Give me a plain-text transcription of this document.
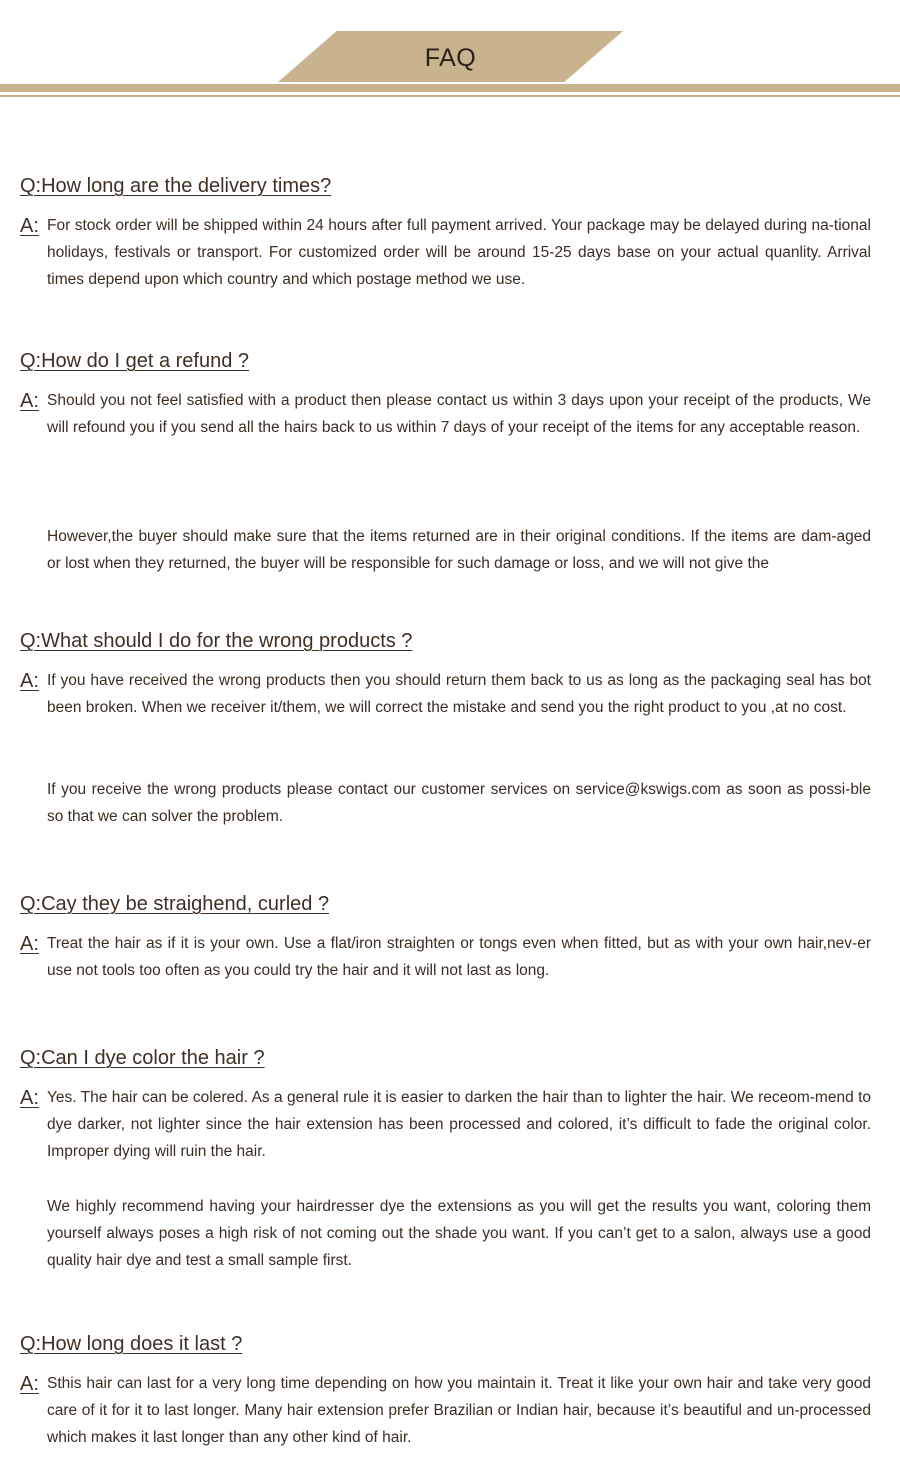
FAQ
Q:How long are the delivery times?
A: For stock order will be shipped within 24 hours after full payment arrived. Your package may be delayed during na-tional holidays, festivals or transport. For customized order will be around 15-25 days base on your actual quanlity. Arrival times depend upon which country and which postage method we use.

Q:How do I get a refund ?
A: Should you not feel satisfied with a product then please contact us within 3 days upon your receipt of the products, We will refound you if you send all the hairs back to us within 7 days of your receipt of the items for any acceptable reason.

However,the buyer should make sure that the items returned are in their original conditions. If the items are dam-aged or lost when they returned, the buyer will be responsible for such damage or loss, and we will not give the

Q:What should I do for the wrong products ?
A: If you have received the wrong products then you should return them back to us as long as the packaging seal has bot been broken. When we receiver it/them, we will correct the mistake and send you the right product to you ,at no cost.

If you receive the wrong products please contact our customer services on service@kswigs.com as soon as possi-ble so that we can solver the problem.

Q:Cay they be straighend, curled ?
A: Treat the hair as if it is your own. Use a flat/iron straighten or tongs even when fitted, but as with your own hair,nev-er use not tools too often as you could try the hair and it will not last as long.

Q:Can I dye color the hair ?
A: Yes. The hair can be colered. As a general rule it is easier to darken the hair than to lighter the hair. We receom-mend to dye darker, not lighter since the hair extension has been processed and colored, it’s difficult to fade the original color. Improper dying will ruin the hair.

We highly recommend having your hairdresser dye the extensions as you will get the results you want, coloring them yourself always poses a high risk of not coming out the shade you want. If you can’t get to a salon, always use a good quality hair dye and test a small sample first.

Q:How long does it last ?
A: Sthis hair can last for a very long time depending on how you maintain it. Treat it like your own hair and take very good care of it for it to last longer. Many hair extension prefer Brazilian or Indian hair, because it’s beautiful and un-processed which makes it last longer than any other kind of hair.
